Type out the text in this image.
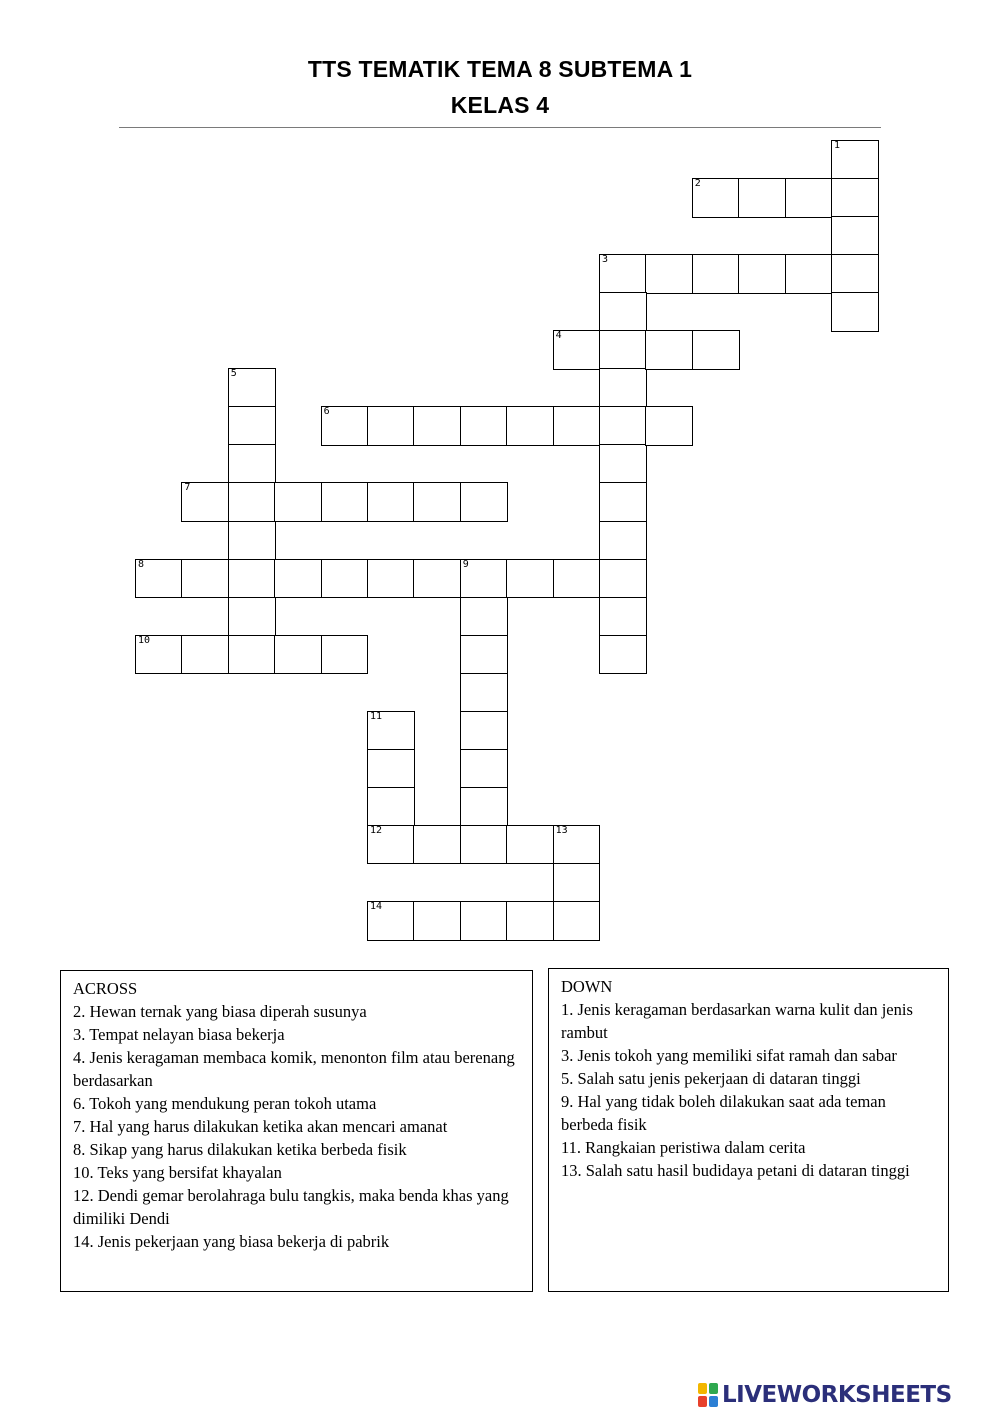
TTS TEMATIK TEMA 8 SUBTEMA 1
KELAS 4
1
2
3
4
5
6
7
8	9
10
11
12	13
14
ACROSS
2. Hewan ternak yang biasa diperah susunya
3. Tempat nelayan biasa bekerja
4. Jenis keragaman membaca komik, menonton film atau berenang berdasarkan
6. Tokoh yang mendukung peran tokoh utama
7. Hal yang harus dilakukan ketika akan mencari amanat
8. Sikap yang harus dilakukan ketika berbeda fisik
10. Teks yang bersifat khayalan
12. Dendi gemar berolahraga bulu tangkis, maka benda khas yang dimiliki Dendi
14. Jenis pekerjaan yang biasa bekerja di pabrik
DOWN
1. Jenis keragaman berdasarkan warna kulit dan jenis rambut
3. Jenis tokoh yang memiliki sifat ramah dan sabar
5. Salah satu jenis pekerjaan di dataran tinggi
9. Hal yang tidak boleh dilakukan saat ada teman berbeda fisik
11. Rangkaian peristiwa dalam cerita
13. Salah satu hasil budidaya petani di dataran tinggi
LIVEWORKSHEETS
